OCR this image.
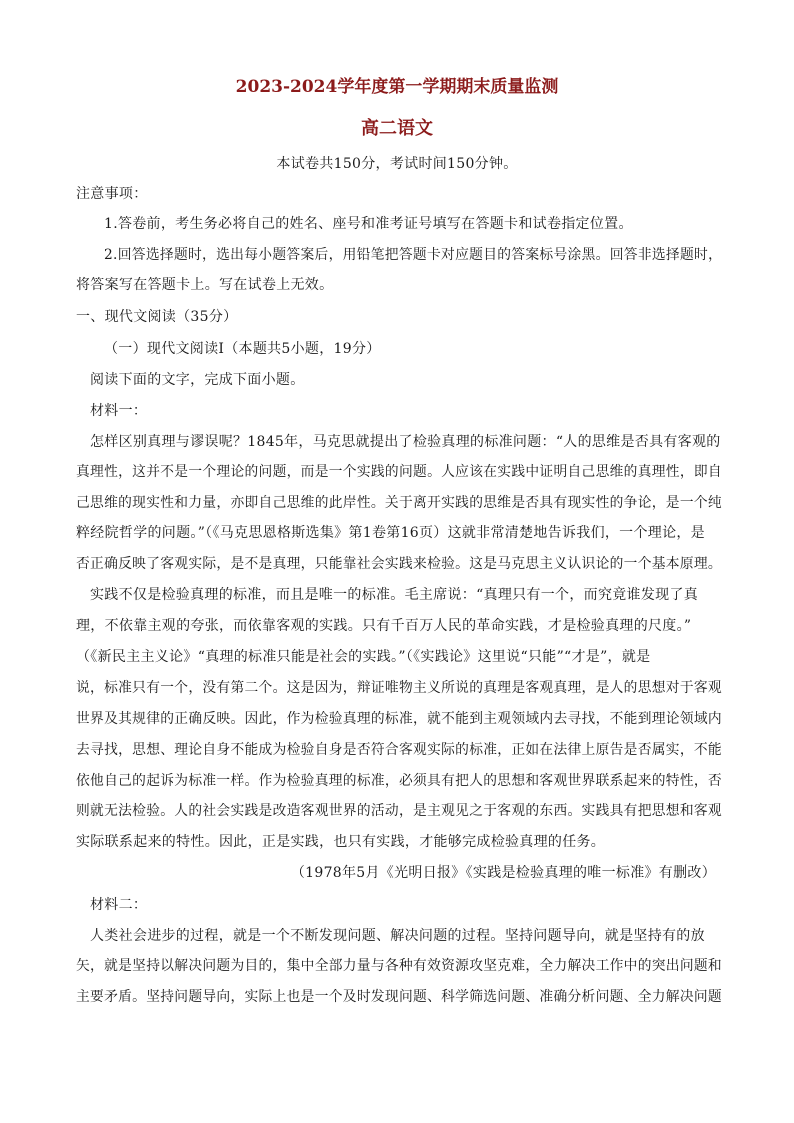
2023-2024学年度第一学期期末质量监测
高二语文
本试卷共150分，考试时间150分钟。
注意事项：
1.答卷前，考生务必将自己的姓名、座号和准考证号填写在答题卡和试卷指定位置。
2.回答选择题时，选出每小题答案后，用铅笔把答题卡对应题目的答案标号涂黑。回答非选择题时，
将答案写在答题卡上。写在试卷上无效。
一、现代文阅读（35分）
（一）现代文阅读Ⅰ（本题共5小题，19分）
阅读下面的文字，完成下面小题。
材料一：
怎样区别真理与谬误呢？1845年，马克思就提出了检验真理的标准问题：“人的思维是否具有客观的
真理性，这并不是一个理论的问题，而是一个实践的问题。人应该在实践中证明自己思维的真理性，即自
己思维的现实性和力量，亦即自己思维的此岸性。关于离开实践的思维是否具有现实性的争论，是一个纯
粹经院哲学的问题。”（《马克思恩格斯选集》第1卷第16页）这就非常清楚地告诉我们，一个理论，是
否正确反映了客观实际，是不是真理，只能靠社会实践来检验。这是马克思主义认识论的一个基本原理。
实践不仅是检验真理的标准，而且是唯一的标准。毛主席说：“真理只有一个，而究竟谁发现了真
理，不依靠主观的夸张，而依靠客观的实践。只有千百万人民的革命实践，才是检验真理的尺度。”
（《新民主主义论》“真理的标准只能是社会的实践。”（《实践论》这里说“只能”“才是”，就是
说，标准只有一个，没有第二个。这是因为，辩证唯物主义所说的真理是客观真理，是人的思想对于客观
世界及其规律的正确反映。因此，作为检验真理的标准，就不能到主观领域内去寻找，不能到理论领域内
去寻找，思想、理论自身不能成为检验自身是否符合客观实际的标准，正如在法律上原告是否属实，不能
依他自己的起诉为标准一样。作为检验真理的标准，必须具有把人的思想和客观世界联系起来的特性，否
则就无法检验。人的社会实践是改造客观世界的活动，是主观见之于客观的东西。实践具有把思想和客观
实际联系起来的特性。因此，正是实践，也只有实践，才能够完成检验真理的任务。
（1978年5月《光明日报》《实践是检验真理的唯一标准》有删改）
材料二：
人类社会进步的过程，就是一个不断发现问题、解决问题的过程。坚持问题导向，就是坚持有的放
矢，就是坚持以解决问题为目的，集中全部力量与各种有效资源攻坚克难，全力解决工作中的突出问题和
主要矛盾。坚持问题导向，实际上也是一个及时发现问题、科学筛选问题、准确分析问题、全力解决问题
